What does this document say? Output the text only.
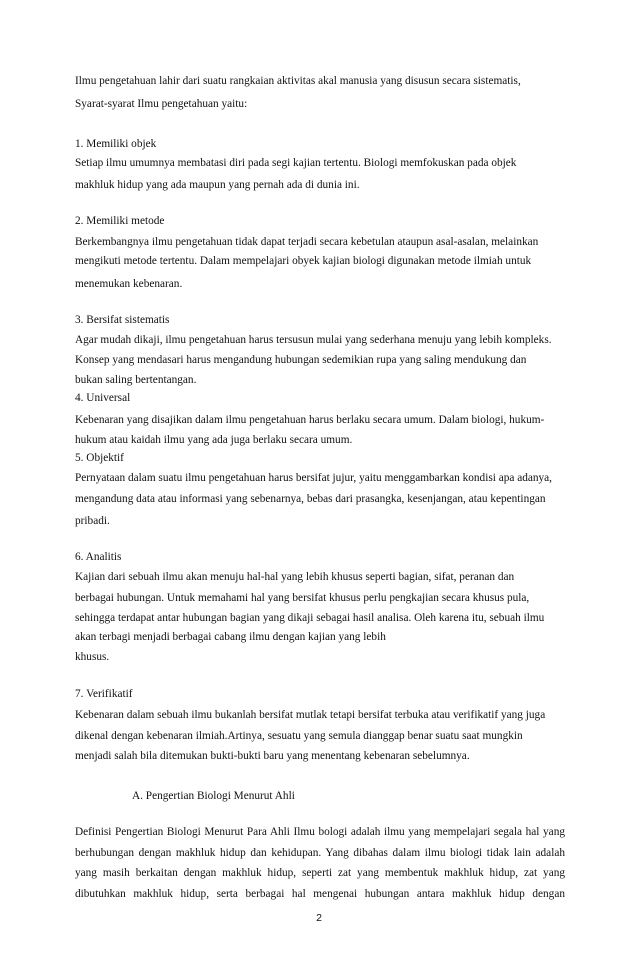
Ilmu pengetahuan lahir dari suatu rangkaian aktivitas akal manusia yang disusun secara sistematis,
Syarat-syarat Ilmu pengetahuan yaitu:
1. Memiliki objek
Setiap ilmu umumnya membatasi diri pada segi kajian tertentu. Biologi memfokuskan pada objek
makhluk hidup yang ada maupun yang pernah ada di dunia ini.
2. Memiliki metode
Berkembangnya ilmu pengetahuan tidak dapat terjadi secara kebetulan ataupun asal-asalan, melainkan
mengikuti metode tertentu. Dalam mempelajari obyek kajian biologi digunakan metode ilmiah untuk
menemukan kebenaran.
3. Bersifat sistematis
Agar mudah dikaji, ilmu pengetahuan harus tersusun mulai yang sederhana menuju yang lebih kompleks.
Konsep yang mendasari harus mengandung hubungan sedemikian rupa yang saling mendukung dan
bukan saling bertentangan.
4. Universal
Kebenaran yang disajikan dalam ilmu pengetahuan harus berlaku secara umum. Dalam biologi, hukum-
hukum atau kaidah ilmu yang ada juga berlaku secara umum.
5. Objektif
Pernyataan dalam suatu ilmu pengetahuan harus bersifat jujur, yaitu menggambarkan kondisi apa adanya,
mengandung data atau informasi yang sebenarnya, bebas dari prasangka, kesenjangan, atau kepentingan
pribadi.
6. Analitis
Kajian dari sebuah ilmu akan menuju hal-hal yang lebih khusus seperti bagian, sifat, peranan dan
berbagai hubungan. Untuk memahami hal yang bersifat khusus perlu pengkajian secara khusus pula,
sehingga terdapat antar hubungan bagian yang dikaji sebagai hasil analisa. Oleh karena itu, sebuah ilmu
akan terbagi menjadi berbagai cabang ilmu dengan kajian yang lebih
khusus.
7. Verifikatif
Kebenaran dalam sebuah ilmu bukanlah bersifat mutlak tetapi bersifat terbuka atau verifikatif yang juga
dikenal dengan kebenaran ilmiah.Artinya, sesuatu yang semula dianggap benar suatu saat mungkin
menjadi salah bila ditemukan bukti-bukti baru yang menentang kebenaran sebelumnya.
A. Pengertian Biologi Menurut Ahli
Definisi Pengertian Biologi Menurut Para Ahli Ilmu bologi adalah ilmu yang mempelajari segala hal yang
berhubungan dengan makhluk hidup dan kehidupan. Yang dibahas dalam ilmu biologi tidak lain adalah
yang masih berkaitan dengan makhluk hidup, seperti zat yang membentuk makhluk hidup, zat yang
dibutuhkan makhluk hidup, serta berbagai hal mengenai hubungan antara makhluk hidup dengan
2
